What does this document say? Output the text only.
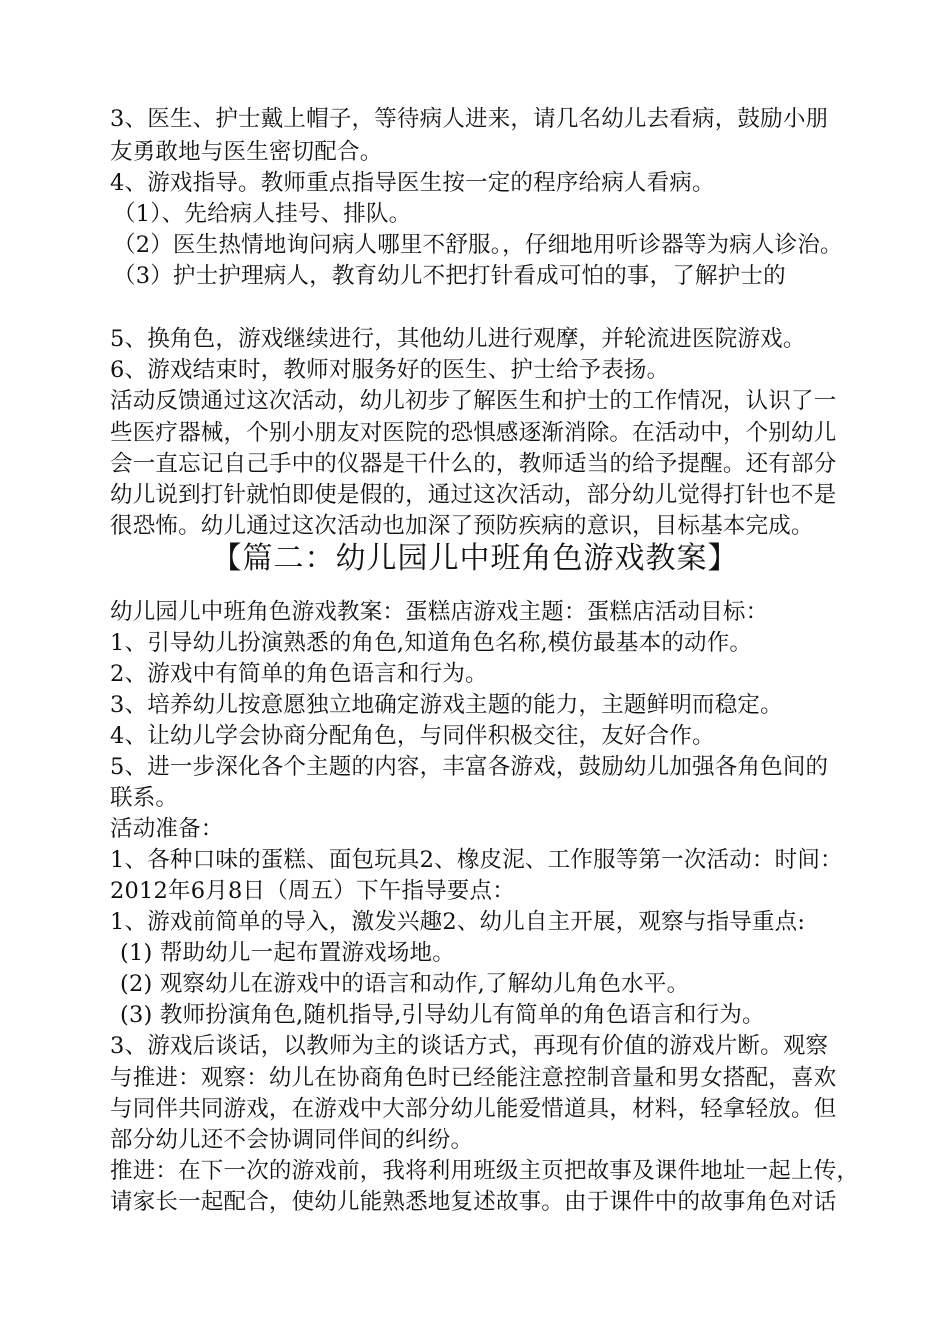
3、医生、护士戴上帽子，等待病人进来，请几名幼儿去看病，鼓励小朋
友勇敢地与医生密切配合。
4、游戏指导。教师重点指导医生按一定的程序给病人看病。
（1）、先给病人挂号、排队。
（2）医生热情地询问病人哪里不舒服。，仔细地用听诊器等为病人诊治。
（3）护士护理病人，教育幼儿不把打针看成可怕的事，了解护士的
5、换角色，游戏继续进行，其他幼儿进行观摩，并轮流进医院游戏。
6、游戏结束时，教师对服务好的医生、护士给予表扬。
活动反馈通过这次活动，幼儿初步了解医生和护士的工作情况，认识了一
些医疗器械，个别小朋友对医院的恐惧感逐渐消除。在活动中，个别幼儿
会一直忘记自己手中的仪器是干什么的，教师适当的给予提醒。还有部分
幼儿说到打针就怕即使是假的，通过这次活动，部分幼儿觉得打针也不是
很恐怖。幼儿通过这次活动也加深了预防疾病的意识，目标基本完成。
【篇二：幼儿园儿中班角色游戏教案】
幼儿园儿中班角色游戏教案：蛋糕店游戏主题：蛋糕店活动目标：
1、引导幼儿扮演熟悉的角色,知道角色名称,模仿最基本的动作。
2、游戏中有简单的角色语言和行为。
3、培养幼儿按意愿独立地确定游戏主题的能力，主题鲜明而稳定。
4、让幼儿学会协商分配角色，与同伴积极交往，友好合作。
5、进一步深化各个主题的内容，丰富各游戏，鼓励幼儿加强各角色间的
联系。
活动准备：
1、各种口味的蛋糕、面包玩具2、橡皮泥、工作服等第一次活动：时间：
2012年6月8日（周五）下午指导要点：
1、游戏前简单的导入，激发兴趣2、幼儿自主开展，观察与指导重点:
(1) 帮助幼儿一起布置游戏场地。
(2) 观察幼儿在游戏中的语言和动作,了解幼儿角色水平。
(3) 教师扮演角色,随机指导,引导幼儿有简单的角色语言和行为。
3、游戏后谈话，以教师为主的谈话方式，再现有价值的游戏片断。观察
与推进：观察：幼儿在协商角色时已经能注意控制音量和男女搭配，喜欢
与同伴共同游戏，在游戏中大部分幼儿能爱惜道具，材料，轻拿轻放。但
部分幼儿还不会协调同伴间的纠纷。
推进：在下一次的游戏前，我将利用班级主页把故事及课件地址一起上传，
请家长一起配合，使幼儿能熟悉地复述故事。由于课件中的故事角色对话
